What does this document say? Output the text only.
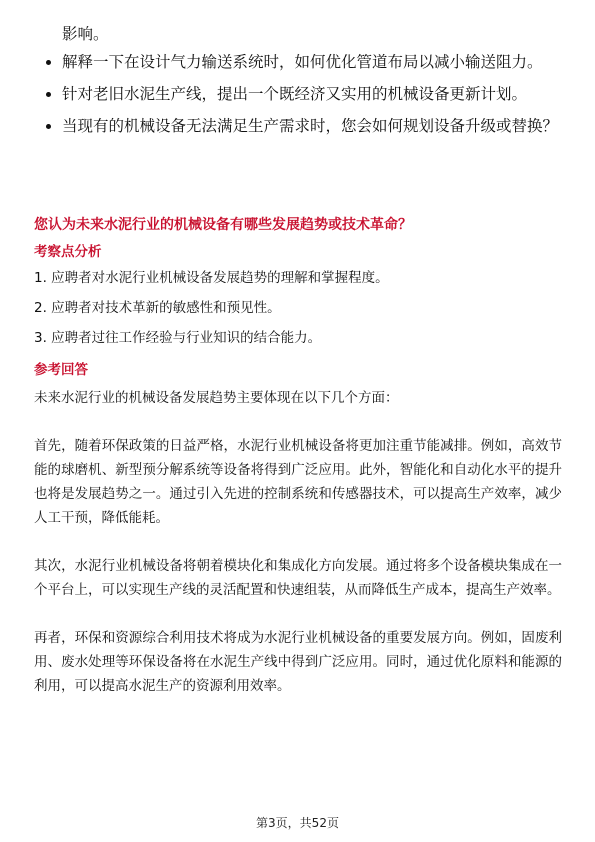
影响。
解释一下在设计气力输送系统时，如何优化管道布局以减小输送阻力。
针对老旧水泥生产线，提出一个既经济又实用的机械设备更新计划。
当现有的机械设备无法满足生产需求时，您会如何规划设备升级或替换？

您认为未来水泥行业的机械设备有哪些发展趋势或技术革命？

考察点分析

1. 应聘者对水泥行业机械设备发展趋势的理解和掌握程度。
2. 应聘者对技术革新的敏感性和预见性。
3. 应聘者过往工作经验与行业知识的结合能力。

参考回答

未来水泥行业的机械设备发展趋势主要体现在以下几个方面：

首先，随着环保政策的日益严格，水泥行业机械设备将更加注重节能减排。例如，高效节能的球磨机、新型预分解系统等设备将得到广泛应用。此外，智能化和自动化水平的提升也将是发展趋势之一。通过引入先进的控制系统和传感器技术，可以提高生产效率，减少人工干预，降低能耗。

其次，水泥行业机械设备将朝着模块化和集成化方向发展。通过将多个设备模块集成在一个平台上，可以实现生产线的灵活配置和快速组装，从而降低生产成本，提高生产效率。

再者，环保和资源综合利用技术将成为水泥行业机械设备的重要发展方向。例如，固废利用、废水处理等环保设备将在水泥生产线中得到广泛应用。同时，通过优化原料和能源的利用，可以提高水泥生产的资源利用效率。

第3页，共52页
